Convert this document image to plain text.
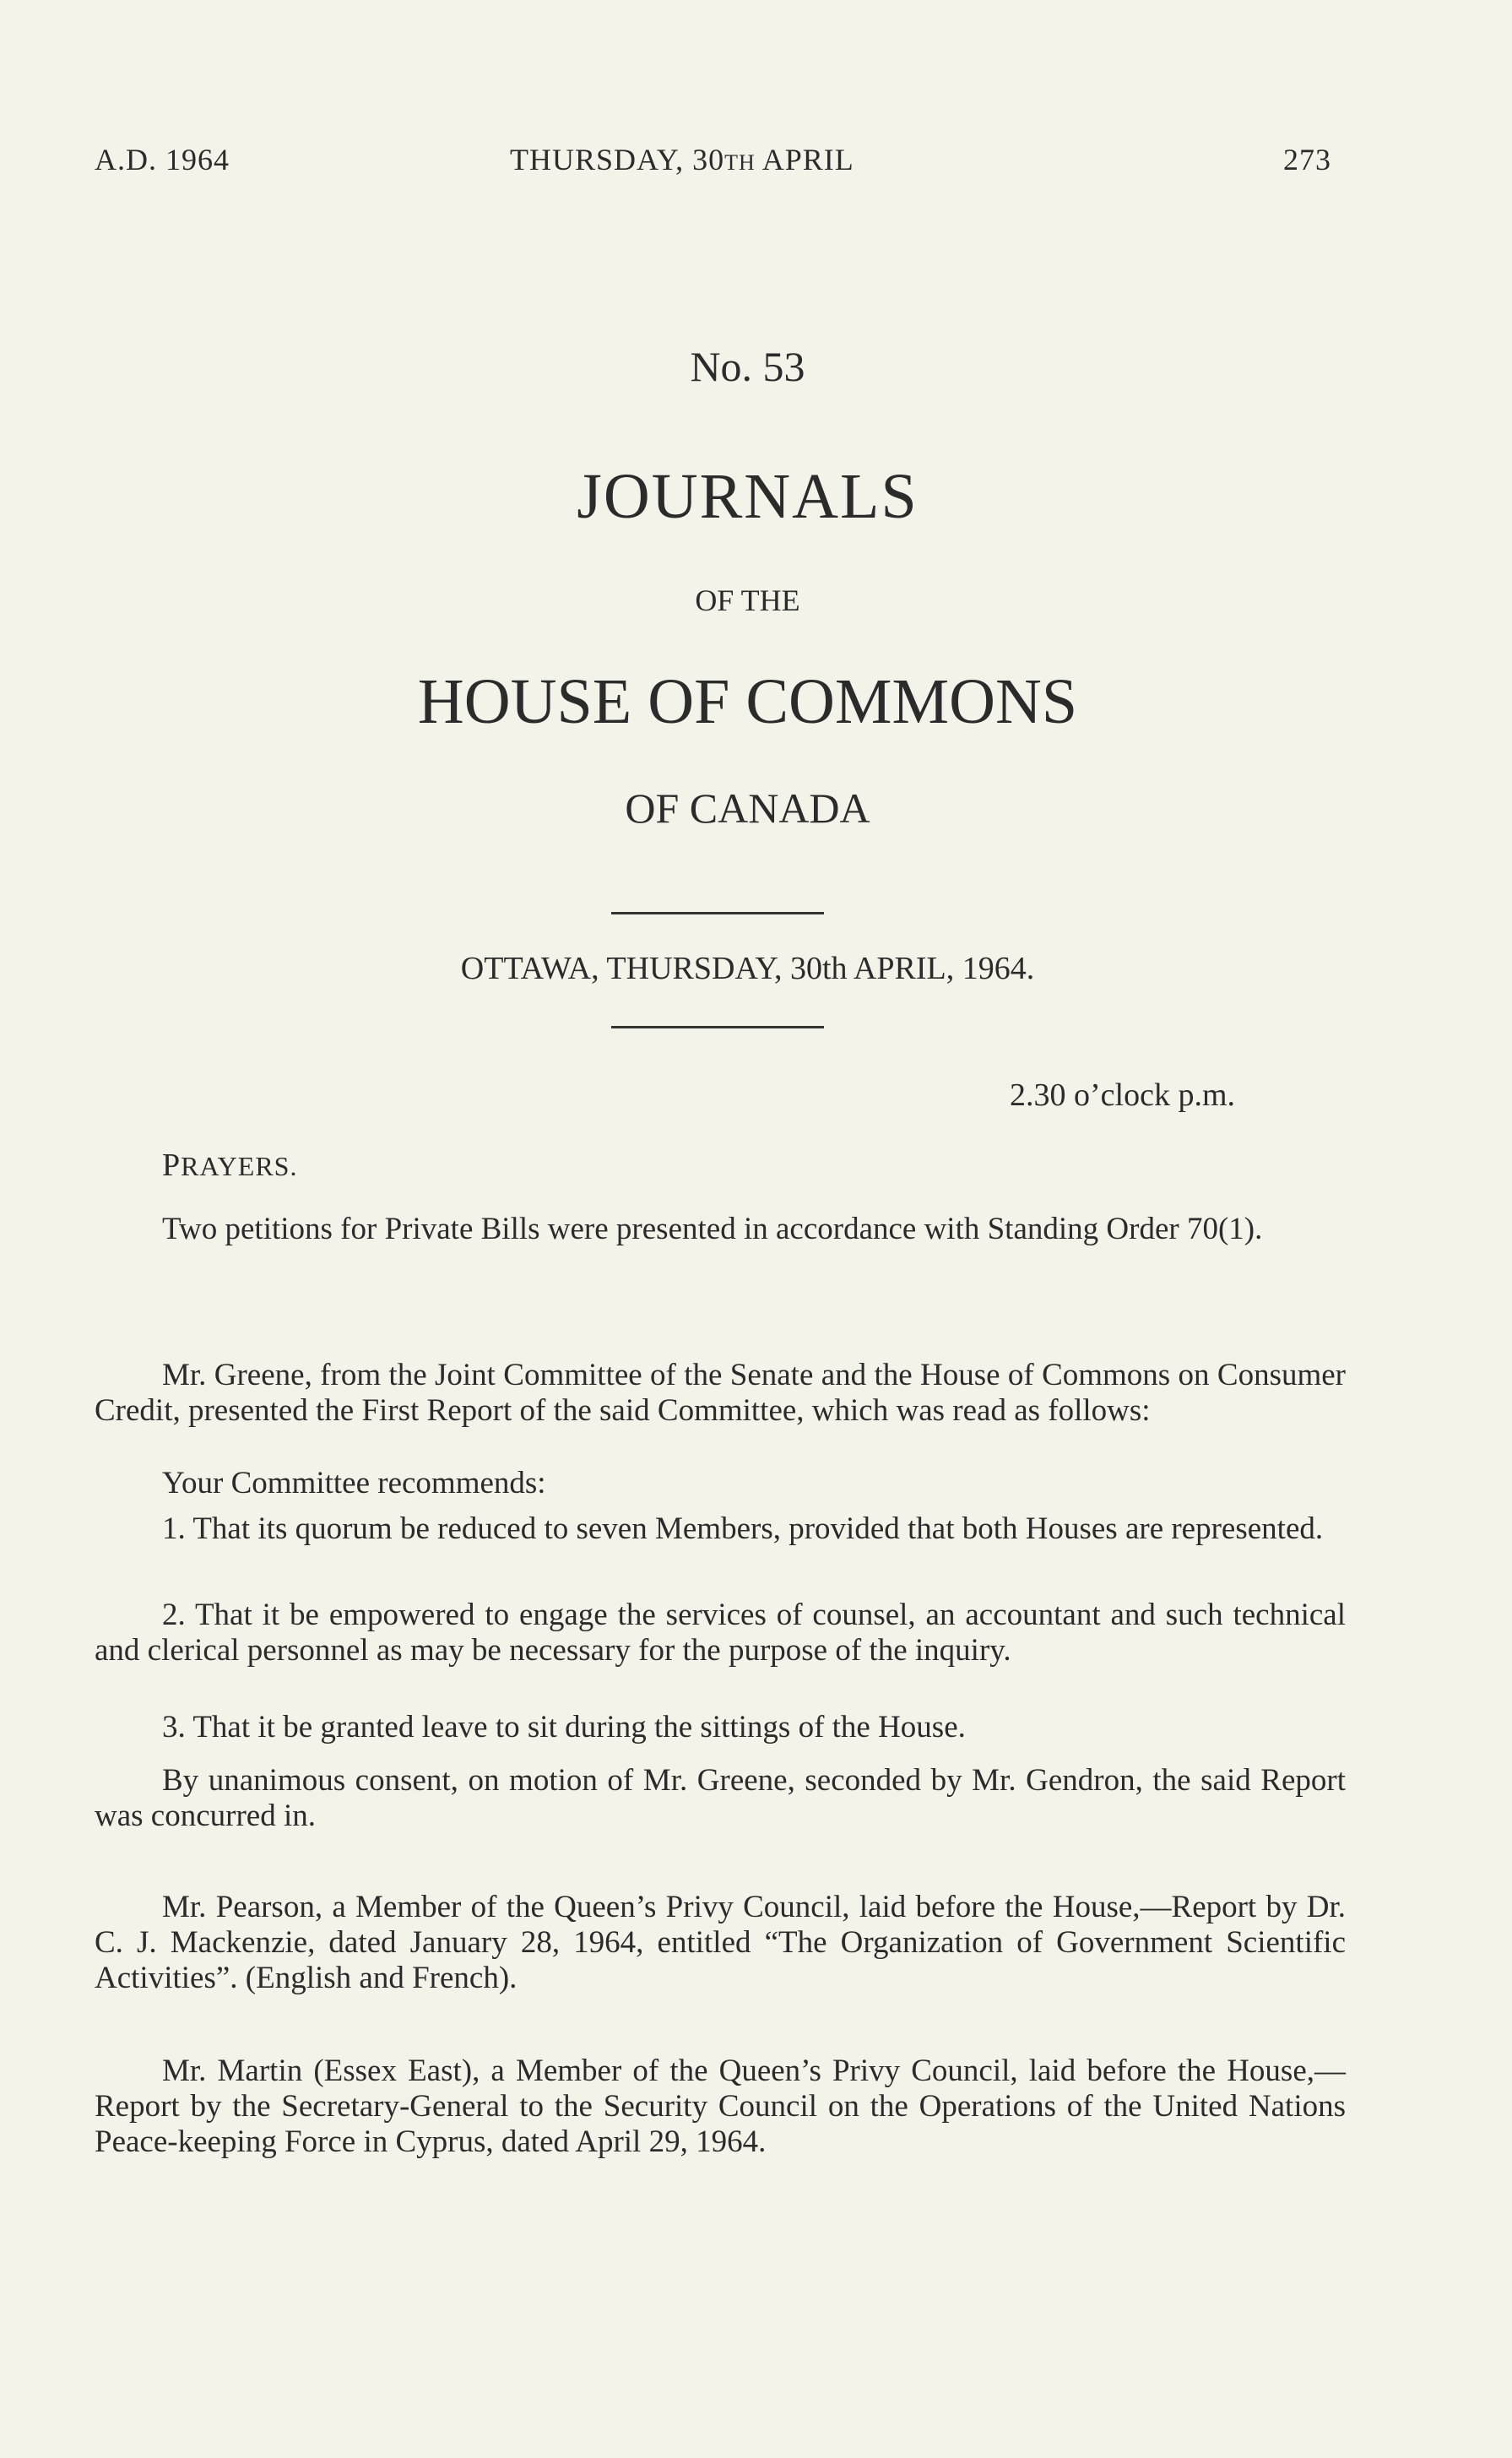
A.D. 1964	THURSDAY, 30TH APRIL	273
No. 53
JOURNALS
OF THE
HOUSE OF COMMONS
OF CANADA
OTTAWA, THURSDAY, 30th APRIL, 1964.
2.30 o’clock p.m.
PRAYERS.

Two petitions for Private Bills were presented in accordance with Standing Order 70(1).

Mr. Greene, from the Joint Committee of the Senate and the House of Commons on Consumer Credit, presented the First Report of the said Committee, which was read as follows:

Your Committee recommends:

1. That its quorum be reduced to seven Members, provided that both Houses are represented.

2. That it be empowered to engage the services of counsel, an accountant and such technical and clerical personnel as may be necessary for the purpose of the inquiry.

3. That it be granted leave to sit during the sittings of the House.

By unanimous consent, on motion of Mr. Greene, seconded by Mr. Gendron, the said Report was concurred in.

Mr. Pearson, a Member of the Queen’s Privy Council, laid before the House,—Report by Dr. C. J. Mackenzie, dated January 28, 1964, entitled “The Organization of Government Scientific Activities”. (English and French).

Mr. Martin (Essex East), a Member of the Queen’s Privy Council, laid before the House,—Report by the Secretary-General to the Security Council on the Operations of the United Nations Peace-keeping Force in Cyprus, dated April 29, 1964.
